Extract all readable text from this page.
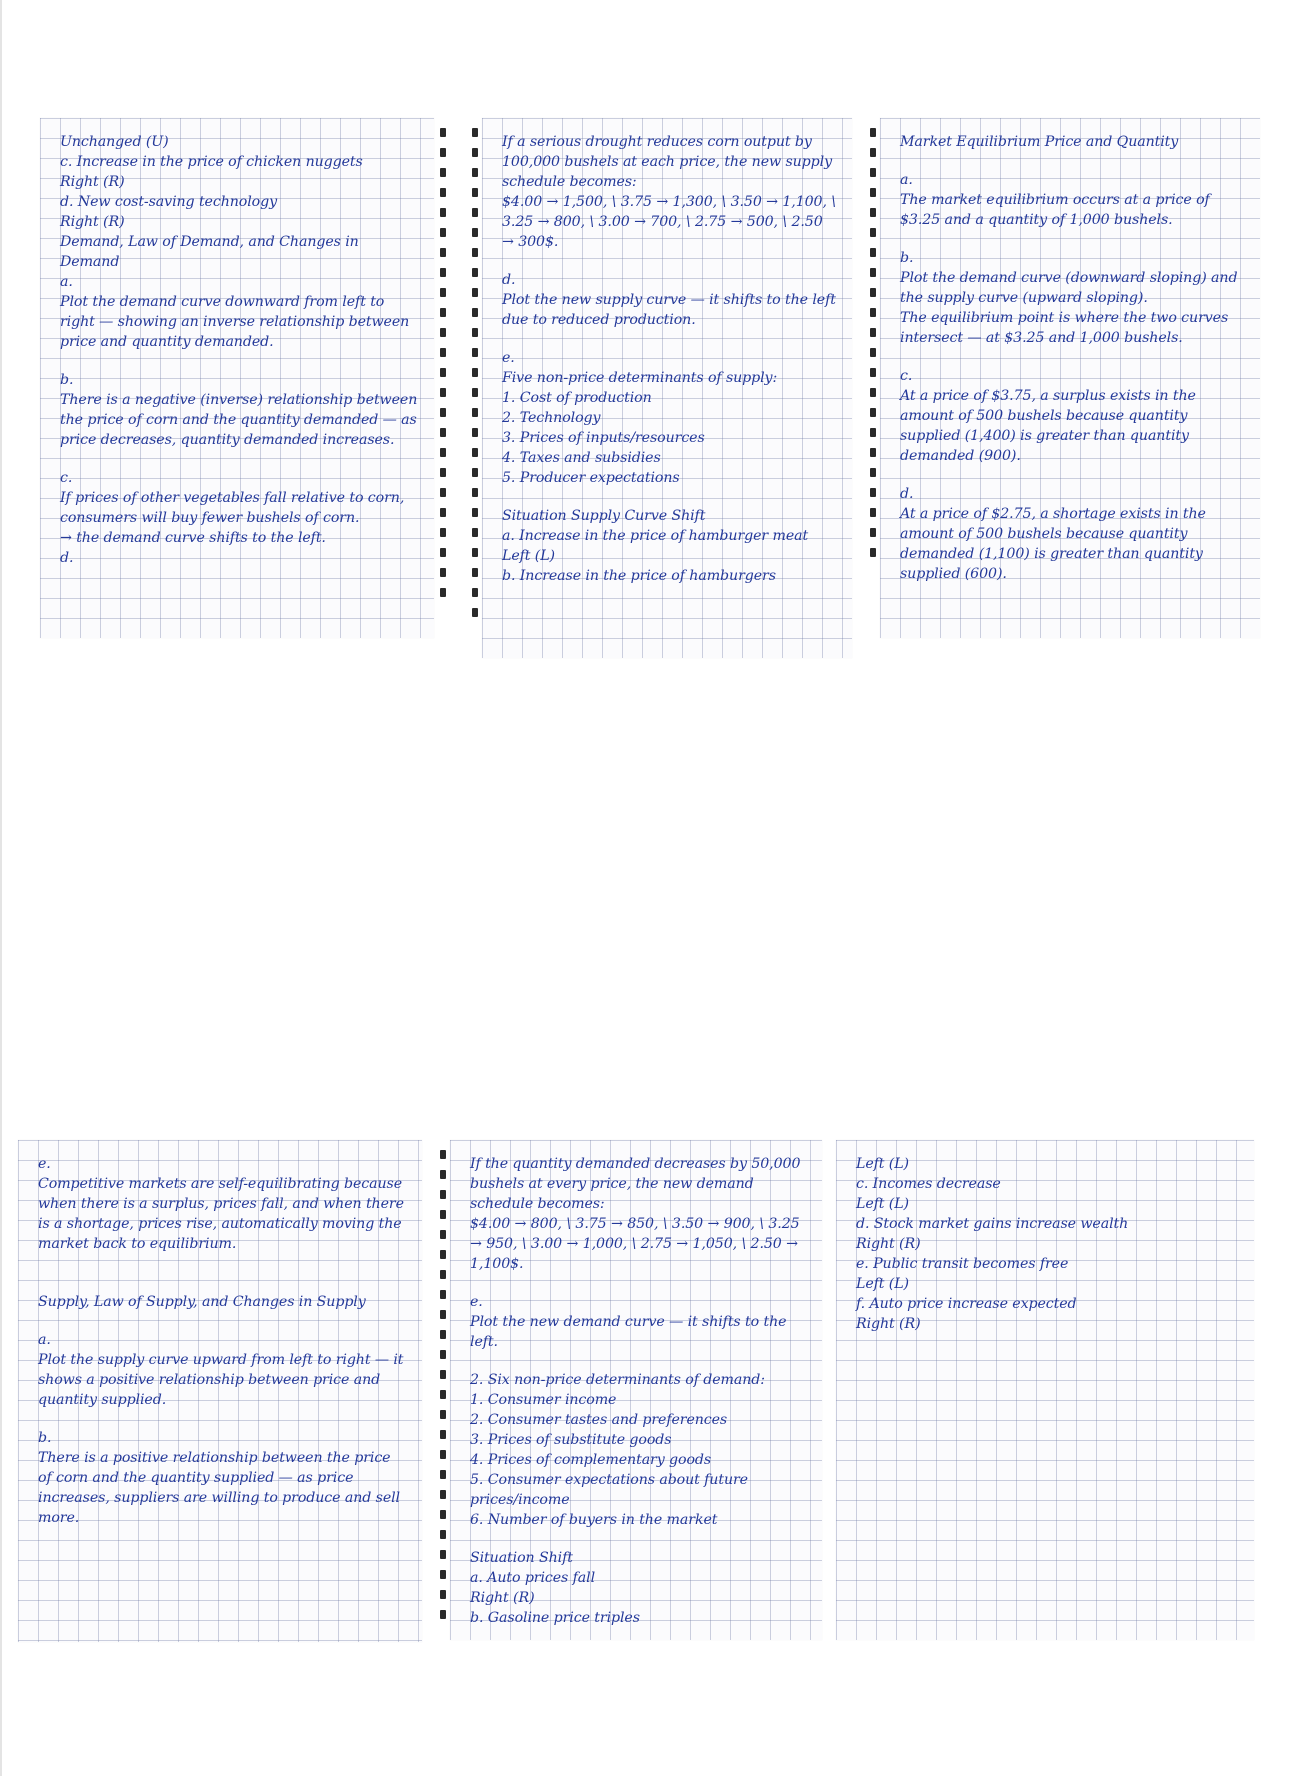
Unchanged (U)

c. Increase in the price of chicken nuggets

Right (R)

d. New cost-saving technology

Right (R)

Demand, Law of Demand, and Changes in Demand

a.

Plot the demand curve downward from left to right — showing an inverse relationship between price and quantity demanded.

b.

There is a negative (inverse) relationship between the price of corn and the quantity demanded — as price decreases, quantity demanded increases.

c.

If prices of other vegetables fall relative to corn, consumers will buy fewer bushels of corn.

→ the demand curve shifts to the left.

d.

If a serious drought reduces corn output by 100,000 bushels at each price, the new supply schedule becomes:

$4.00 → 1,500, \ 3.75 → 1,300, \ 3.50 → 1,100, \ 3.25 → 800, \ 3.00 → 700, \ 2.75 → 500, \ 2.50 → 300$.

d.

Plot the new supply curve — it shifts to the left due to reduced production.

e.

Five non-price determinants of supply:

1. Cost of production

2. Technology

3. Prices of inputs/resources

4. Taxes and subsidies

5. Producer expectations

Situation Supply Curve Shift

a. Increase in the price of hamburger meat

Left (L)

b. Increase in the price of hamburgers

Market Equilibrium Price and Quantity

a.

The market equilibrium occurs at a price of $3.25 and a quantity of 1,000 bushels.

b.

Plot the demand curve (downward sloping) and the supply curve (upward sloping).

The equilibrium point is where the two curves intersect — at $3.25 and 1,000 bushels.

c.

At a price of $3.75, a surplus exists in the amount of 500 bushels because quantity supplied (1,400) is greater than quantity demanded (900).

d.

At a price of $2.75, a shortage exists in the amount of 500 bushels because quantity demanded (1,100) is greater than quantity supplied (600).

e.

Competitive markets are self-equilibrating because when there is a surplus, prices fall, and when there is a shortage, prices rise, automatically moving the market back to equilibrium.

Supply, Law of Supply, and Changes in Supply

a.

Plot the supply curve upward from left to right — it shows a positive relationship between price and quantity supplied.

b.

There is a positive relationship between the price of corn and the quantity supplied — as price increases, suppliers are willing to produce and sell more.

If the quantity demanded decreases by 50,000 bushels at every price, the new demand schedule becomes:

$4.00 → 800, \ 3.75 → 850, \ 3.50 → 900, \ 3.25 → 950, \ 3.00 → 1,000, \ 2.75 → 1,050, \ 2.50 → 1,100$.

e.

Plot the new demand curve — it shifts to the left.

2. Six non-price determinants of demand:

1. Consumer income

2. Consumer tastes and preferences

3. Prices of substitute goods

4. Prices of complementary goods

5. Consumer expectations about future prices/income

6. Number of buyers in the market

Situation Shift

a. Auto prices fall

Right (R)

b. Gasoline price triples

Left (L)

c. Incomes decrease

Left (L)

d. Stock market gains increase wealth

Right (R)

e. Public transit becomes free

Left (L)

f. Auto price increase expected

Right (R)
